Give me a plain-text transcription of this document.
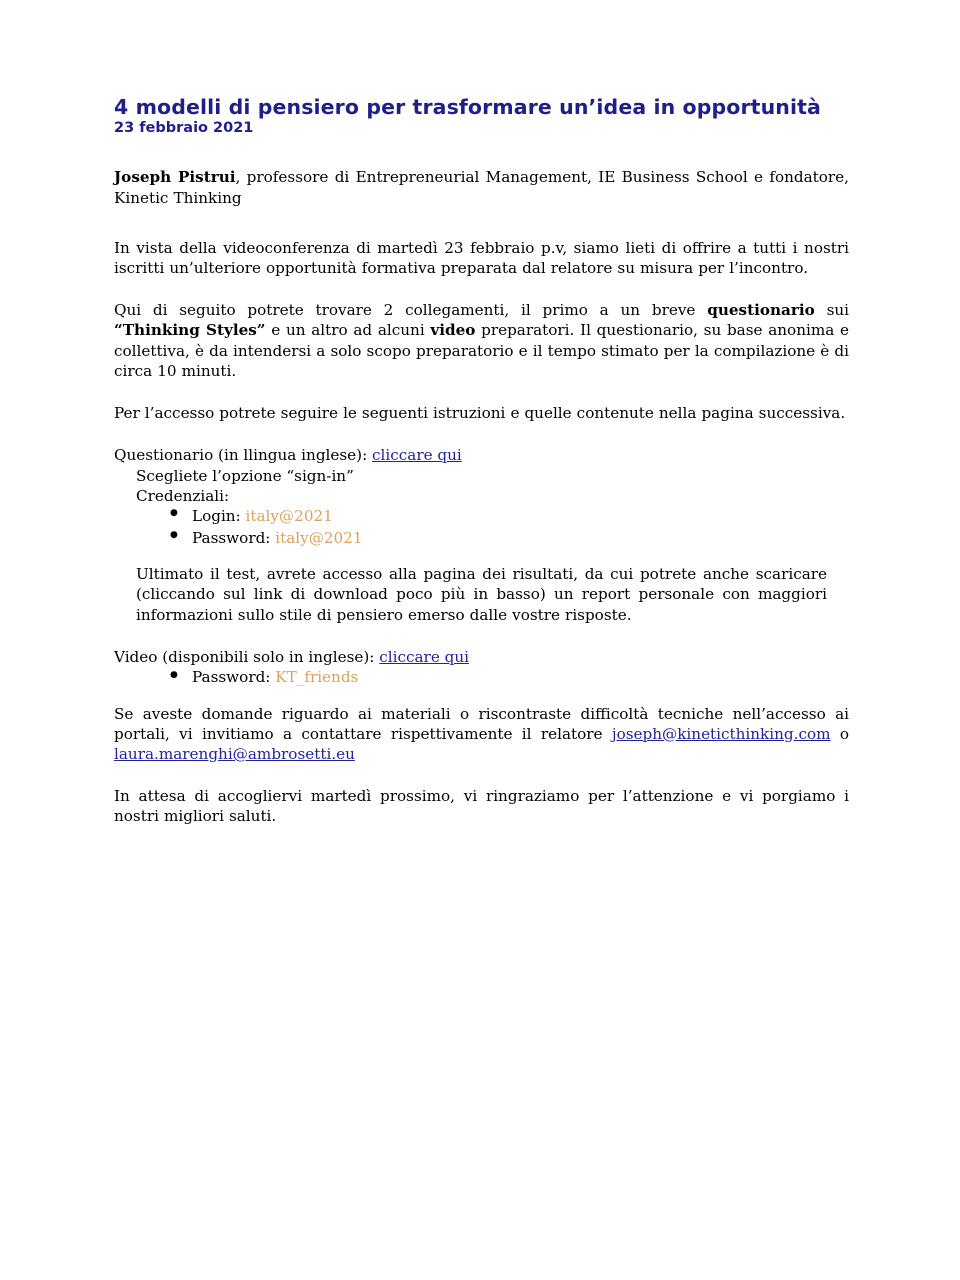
4 modelli di pensiero per trasformare un’idea in opportunità
23 febbraio 2021

Joseph Pistrui, professore di Entrepreneurial Management, IE Business School e fondatore, Kinetic Thinking

In vista della videoconferenza di martedì 23 febbraio p.v, siamo lieti di offrire a tutti i nostri iscritti un’ulteriore opportunità formativa preparata dal relatore su misura per l’incontro.

Qui di seguito potrete trovare 2 collegamenti, il primo a un breve questionario sui “Thinking Styles” e un altro ad alcuni video preparatori. Il questionario, su base anonima e collettiva, è da intendersi a solo scopo preparatorio e il tempo stimato per la compilazione è di circa 10 minuti.

Per l’accesso potrete seguire le seguenti istruzioni e quelle contenute nella pagina successiva.

Questionario (in llingua inglese): cliccare qui

Scegliete l’opzione “sign-in”

Credenziali:

● Login: italy@2021
● Password: italy@2021

Ultimato il test, avrete accesso alla pagina dei risultati, da cui potrete anche scaricare (cliccando sul link di download poco più in basso) un report personale con maggiori informazioni sullo stile di pensiero emerso dalle vostre risposte.

Video (disponibili solo in inglese): cliccare qui

● Password: KT_friends

Se aveste domande riguardo ai materiali o riscontraste difficoltà tecniche nell’accesso ai portali, vi invitiamo a contattare rispettivamente il relatore joseph@kineticthinking.com o laura.marenghi@ambrosetti.eu

In attesa di accogliervi martedì prossimo, vi ringraziamo per l’attenzione e vi porgiamo i nostri migliori saluti.
